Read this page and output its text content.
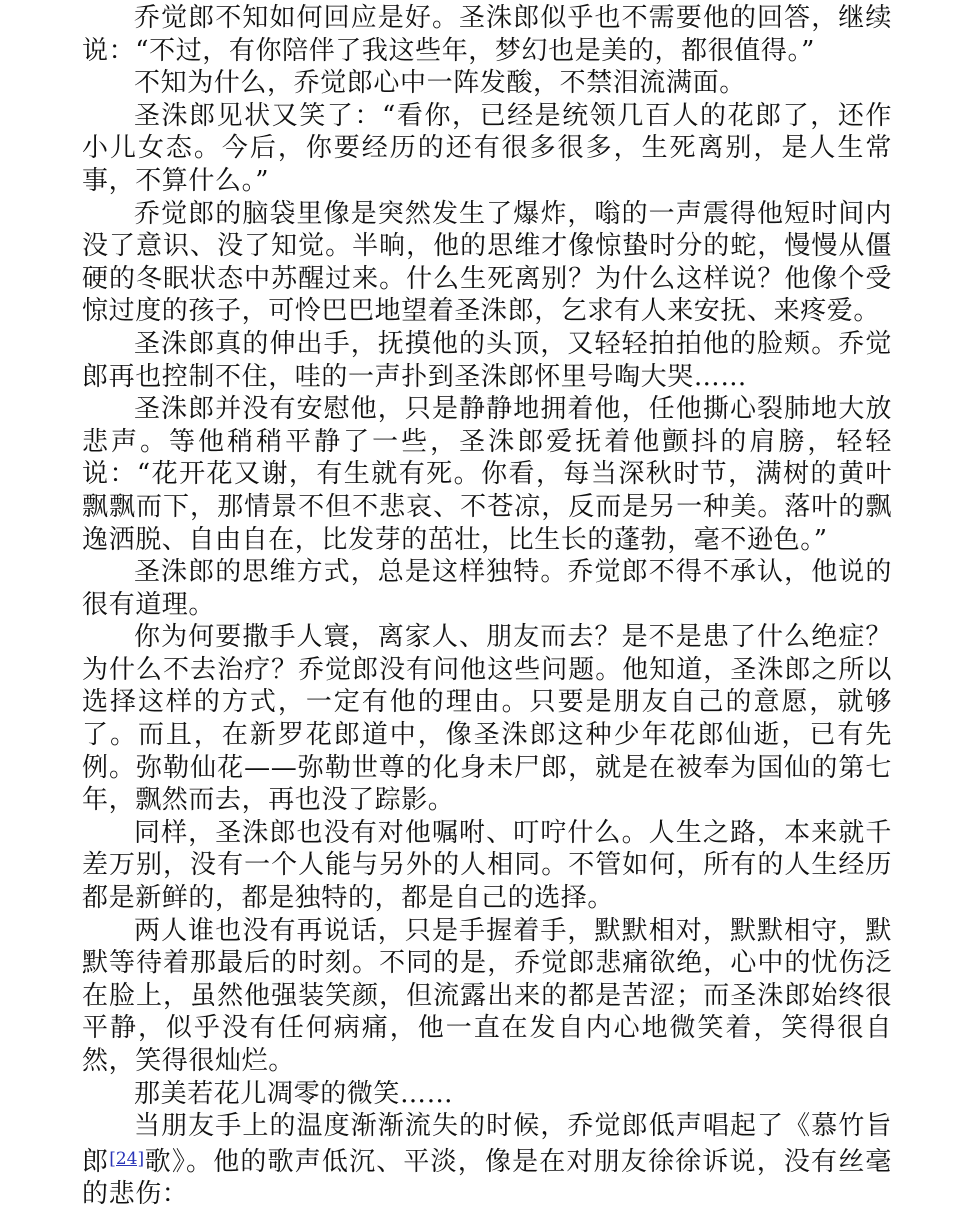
乔觉郎不知如何回应是好。圣洙郎似乎也不需要他的回答，继续说：“不过，有你陪伴了我这些年，梦幻也是美的，都很值得。”

不知为什么，乔觉郎心中一阵发酸，不禁泪流满面。

圣洙郎见状又笑了：“看你，已经是统领几百人的花郎了，还作小儿女态。今后，你要经历的还有很多很多，生死离别，是人生常事，不算什么。”

乔觉郎的脑袋里像是突然发生了爆炸，嗡的一声震得他短时间内没了意识、没了知觉。半晌，他的思维才像惊蛰时分的蛇，慢慢从僵硬的冬眠状态中苏醒过来。什么生死离别？为什么这样说？他像个受惊过度的孩子，可怜巴巴地望着圣洙郎，乞求有人来安抚、来疼爱。

圣洙郎真的伸出手，抚摸他的头顶，又轻轻拍拍他的脸颊。乔觉郎再也控制不住，哇的一声扑到圣洙郎怀里号啕大哭……

圣洙郎并没有安慰他，只是静静地拥着他，任他撕心裂肺地大放悲声。等他稍稍平静了一些，圣洙郎爱抚着他颤抖的肩膀，轻轻说：“花开花又谢，有生就有死。你看，每当深秋时节，满树的黄叶飘飘而下，那情景不但不悲哀、不苍凉，反而是另一种美。落叶的飘逸洒脱、自由自在，比发芽的茁壮，比生长的蓬勃，毫不逊色。”

圣洙郎的思维方式，总是这样独特。乔觉郎不得不承认，他说的很有道理。

你为何要撒手人寰，离家人、朋友而去？是不是患了什么绝症？为什么不去治疗？乔觉郎没有问他这些问题。他知道，圣洙郎之所以选择这样的方式，一定有他的理由。只要是朋友自己的意愿，就够了。而且，在新罗花郎道中，像圣洙郎这种少年花郎仙逝，已有先例。弥勒仙花——弥勒世尊的化身未尸郎，就是在被奉为国仙的第七年，飘然而去，再也没了踪影。

同样，圣洙郎也没有对他嘱咐、叮咛什么。人生之路，本来就千差万别，没有一个人能与另外的人相同。不管如何，所有的人生经历都是新鲜的，都是独特的，都是自己的选择。

两人谁也没有再说话，只是手握着手，默默相对，默默相守，默默等待着那最后的时刻。不同的是，乔觉郎悲痛欲绝，心中的忧伤泛在脸上，虽然他强装笑颜，但流露出来的都是苦涩；而圣洙郎始终很平静，似乎没有任何病痛，他一直在发自内心地微笑着，笑得很自然，笑得很灿烂。

那美若花儿凋零的微笑……

当朋友手上的温度渐渐流失的时候，乔觉郎低声唱起了《慕竹旨郎[24]歌》。他的歌声低沉、平淡，像是在对朋友徐徐诉说，没有丝毫的悲伤：
